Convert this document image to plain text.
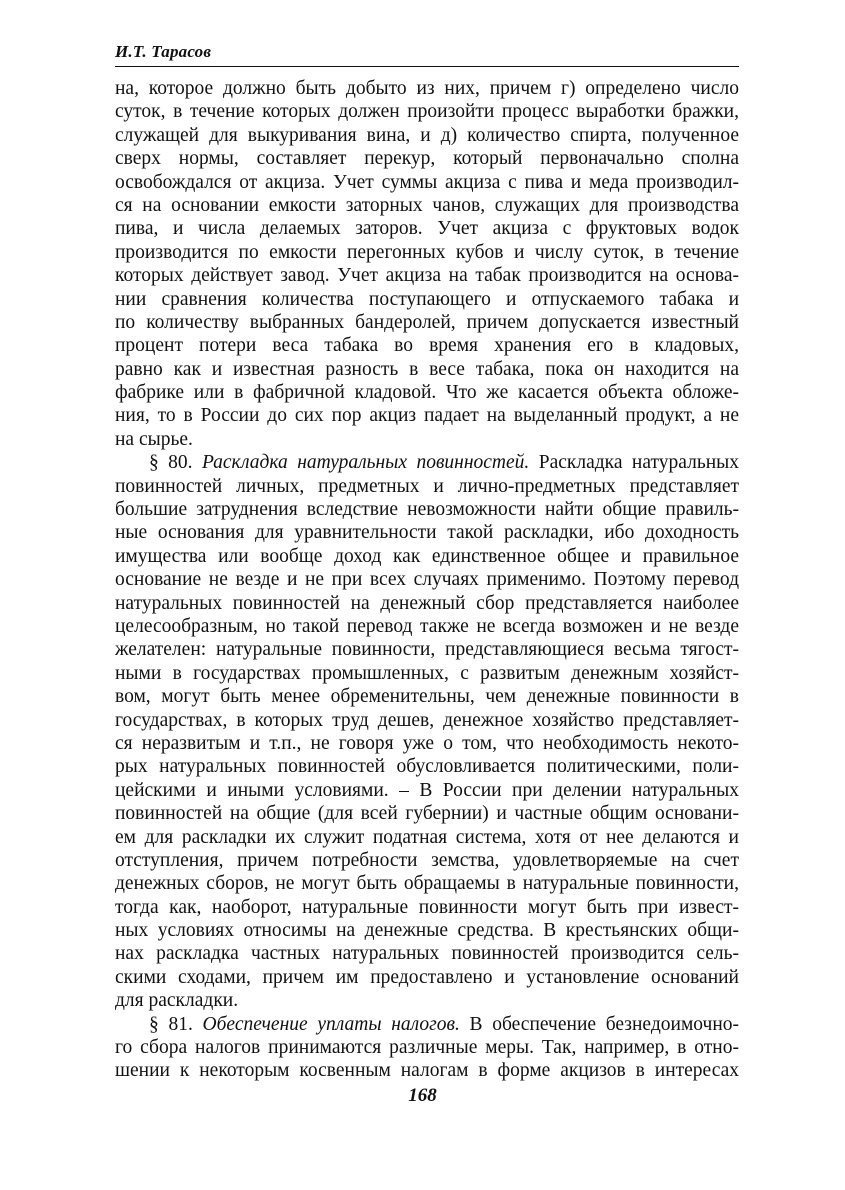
И.Т. Тарасов
на, которое должно быть добыто из них, причем г) определено число
суток, в течение которых должен произойти процесс выработки бражки,
служащей для выкуривания вина, и д) количество спирта, полученное
сверх нормы, составляет перекур, который первоначально сполна
освобождался от акциза. Учет суммы акциза с пива и меда производил-
ся на основании емкости заторных чанов, служащих для производства
пива, и числа делаемых заторов. Учет акциза с фруктовых водок
производится по емкости перегонных кубов и числу суток, в течение
которых действует завод. Учет акциза на табак производится на основа-
нии сравнения количества поступающего и отпускаемого табака и
по количеству выбранных бандеролей, причем допускается известный
процент потери веса табака во время хранения его в кладовых,
равно как и известная разность в весе табака, пока он находится на
фабрике или в фабричной кладовой. Что же касается объекта обложе-
ния, то в России до сих пор акциз падает на выделанный продукт, а не
на сырье.
§ 80. Раскладка натуральных повинностей. Раскладка натуральных
повинностей личных, предметных и лично-предметных представляет
большие затруднения вследствие невозможности найти общие правиль-
ные основания для уравнительности такой раскладки, ибо доходность
имущества или вообще доход как единственное общее и правильное
основание не везде и не при всех случаях применимо. Поэтому перевод
натуральных повинностей на денежный сбор представляется наиболее
целесообразным, но такой перевод также не всегда возможен и не везде
желателен: натуральные повинности, представляющиеся весьма тягост-
ными в государствах промышленных, с развитым денежным хозяйст-
вом, могут быть менее обременительны, чем денежные повинности в
государствах, в которых труд дешев, денежное хозяйство представляет-
ся неразвитым и т.п., не говоря уже о том, что необходимость некото-
рых натуральных повинностей обусловливается политическими, поли-
цейскими и иными условиями. – В России при делении натуральных
повинностей на общие (для всей губернии) и частные общим основани-
ем для раскладки их служит податная система, хотя от нее делаются и
отступления, причем потребности земства, удовлетворяемые на счет
денежных сборов, не могут быть обращаемы в натуральные повинности,
тогда как, наоборот, натуральные повинности могут быть при извест-
ных условиях относимы на денежные средства. В крестьянских общи-
нах раскладка частных натуральных повинностей производится сель-
скими сходами, причем им предоставлено и установление оснований
для раскладки.
§ 81. Обеспечение уплаты налогов. В обеспечение безнедоимочно-
го сбора налогов принимаются различные меры. Так, например, в отно-
шении к некоторым косвенным налогам в форме акцизов в интересах
168
